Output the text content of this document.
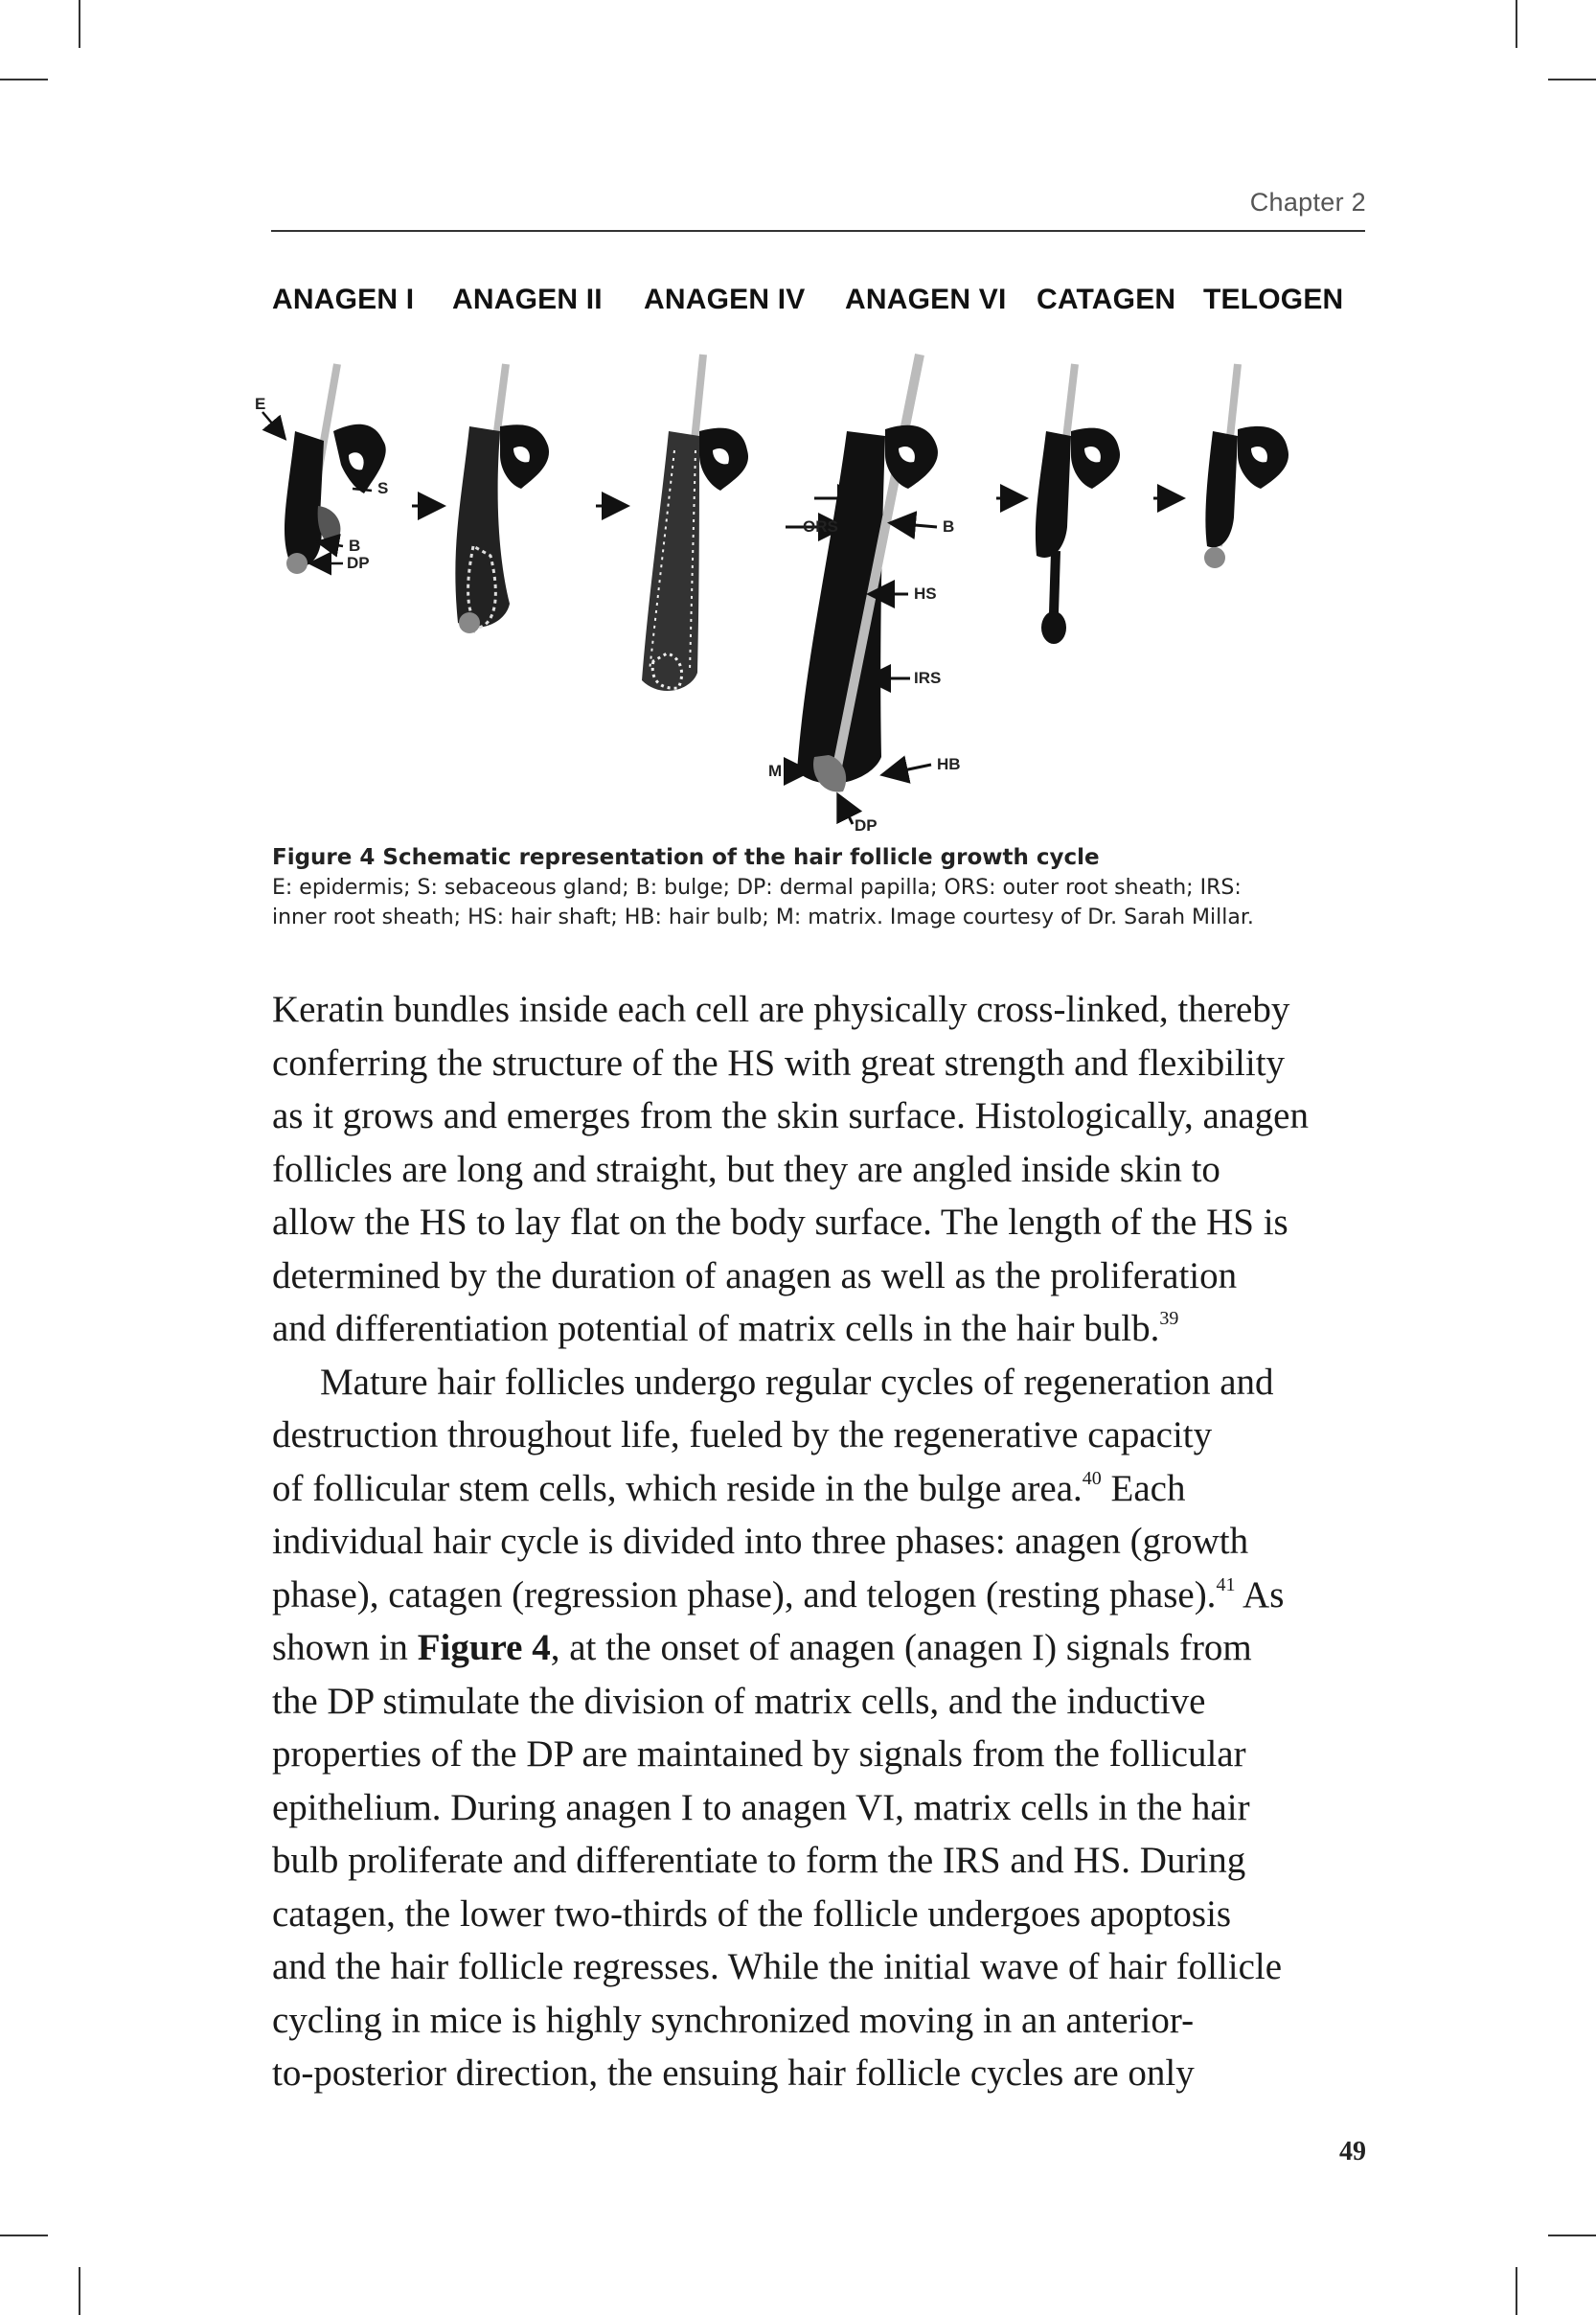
Chapter 2
ANAGEN I ANAGEN II ANAGEN IV ANAGEN VI CATAGEN TELOGEN
E
S
B
DP
ORS	B
HS
IRS
M	HB
DP
Figure 4 Schematic representation of the hair follicle growth cycle
E: epidermis; S: sebaceous gland; B: bulge; DP: dermal papilla; ORS: outer root sheath; IRS:
inner root sheath; HS: hair shaft; HB: hair bulb; M: matrix. Image courtesy of Dr. Sarah Millar.
Keratin bundles inside each cell are physically cross-linked, thereby
conferring the structure of the HS with great strength and flexibility
as it grows and emerges from the skin surface. Histologically, anagen
follicles are long and straight, but they are angled inside skin to
allow the HS to lay flat on the body surface. The length of the HS is
determined by the duration of anagen as well as the proliferation
and differentiation potential of matrix cells in the hair bulb.$^{39}$
Mature hair follicles undergo regular cycles of regeneration and
destruction throughout life, fueled by the regenerative capacity
of follicular stem cells, which reside in the bulge area.$^{40}$ Each
individual hair cycle is divided into three phases: anagen (growth
phase), catagen (regression phase), and telogen (resting phase).$^{41}$ As
shown in Figure 4, at the onset of anagen (anagen I) signals from
the DP stimulate the division of matrix cells, and the inductive
properties of the DP are maintained by signals from the follicular
epithelium. During anagen I to anagen VI, matrix cells in the hair
bulb proliferate and differentiate to form the IRS and HS. During
catagen, the lower two-thirds of the follicle undergoes apoptosis
and the hair follicle regresses. While the initial wave of hair follicle
cycling in mice is highly synchronized moving in an anterior-
to-posterior direction, the ensuing hair follicle cycles are only
49
